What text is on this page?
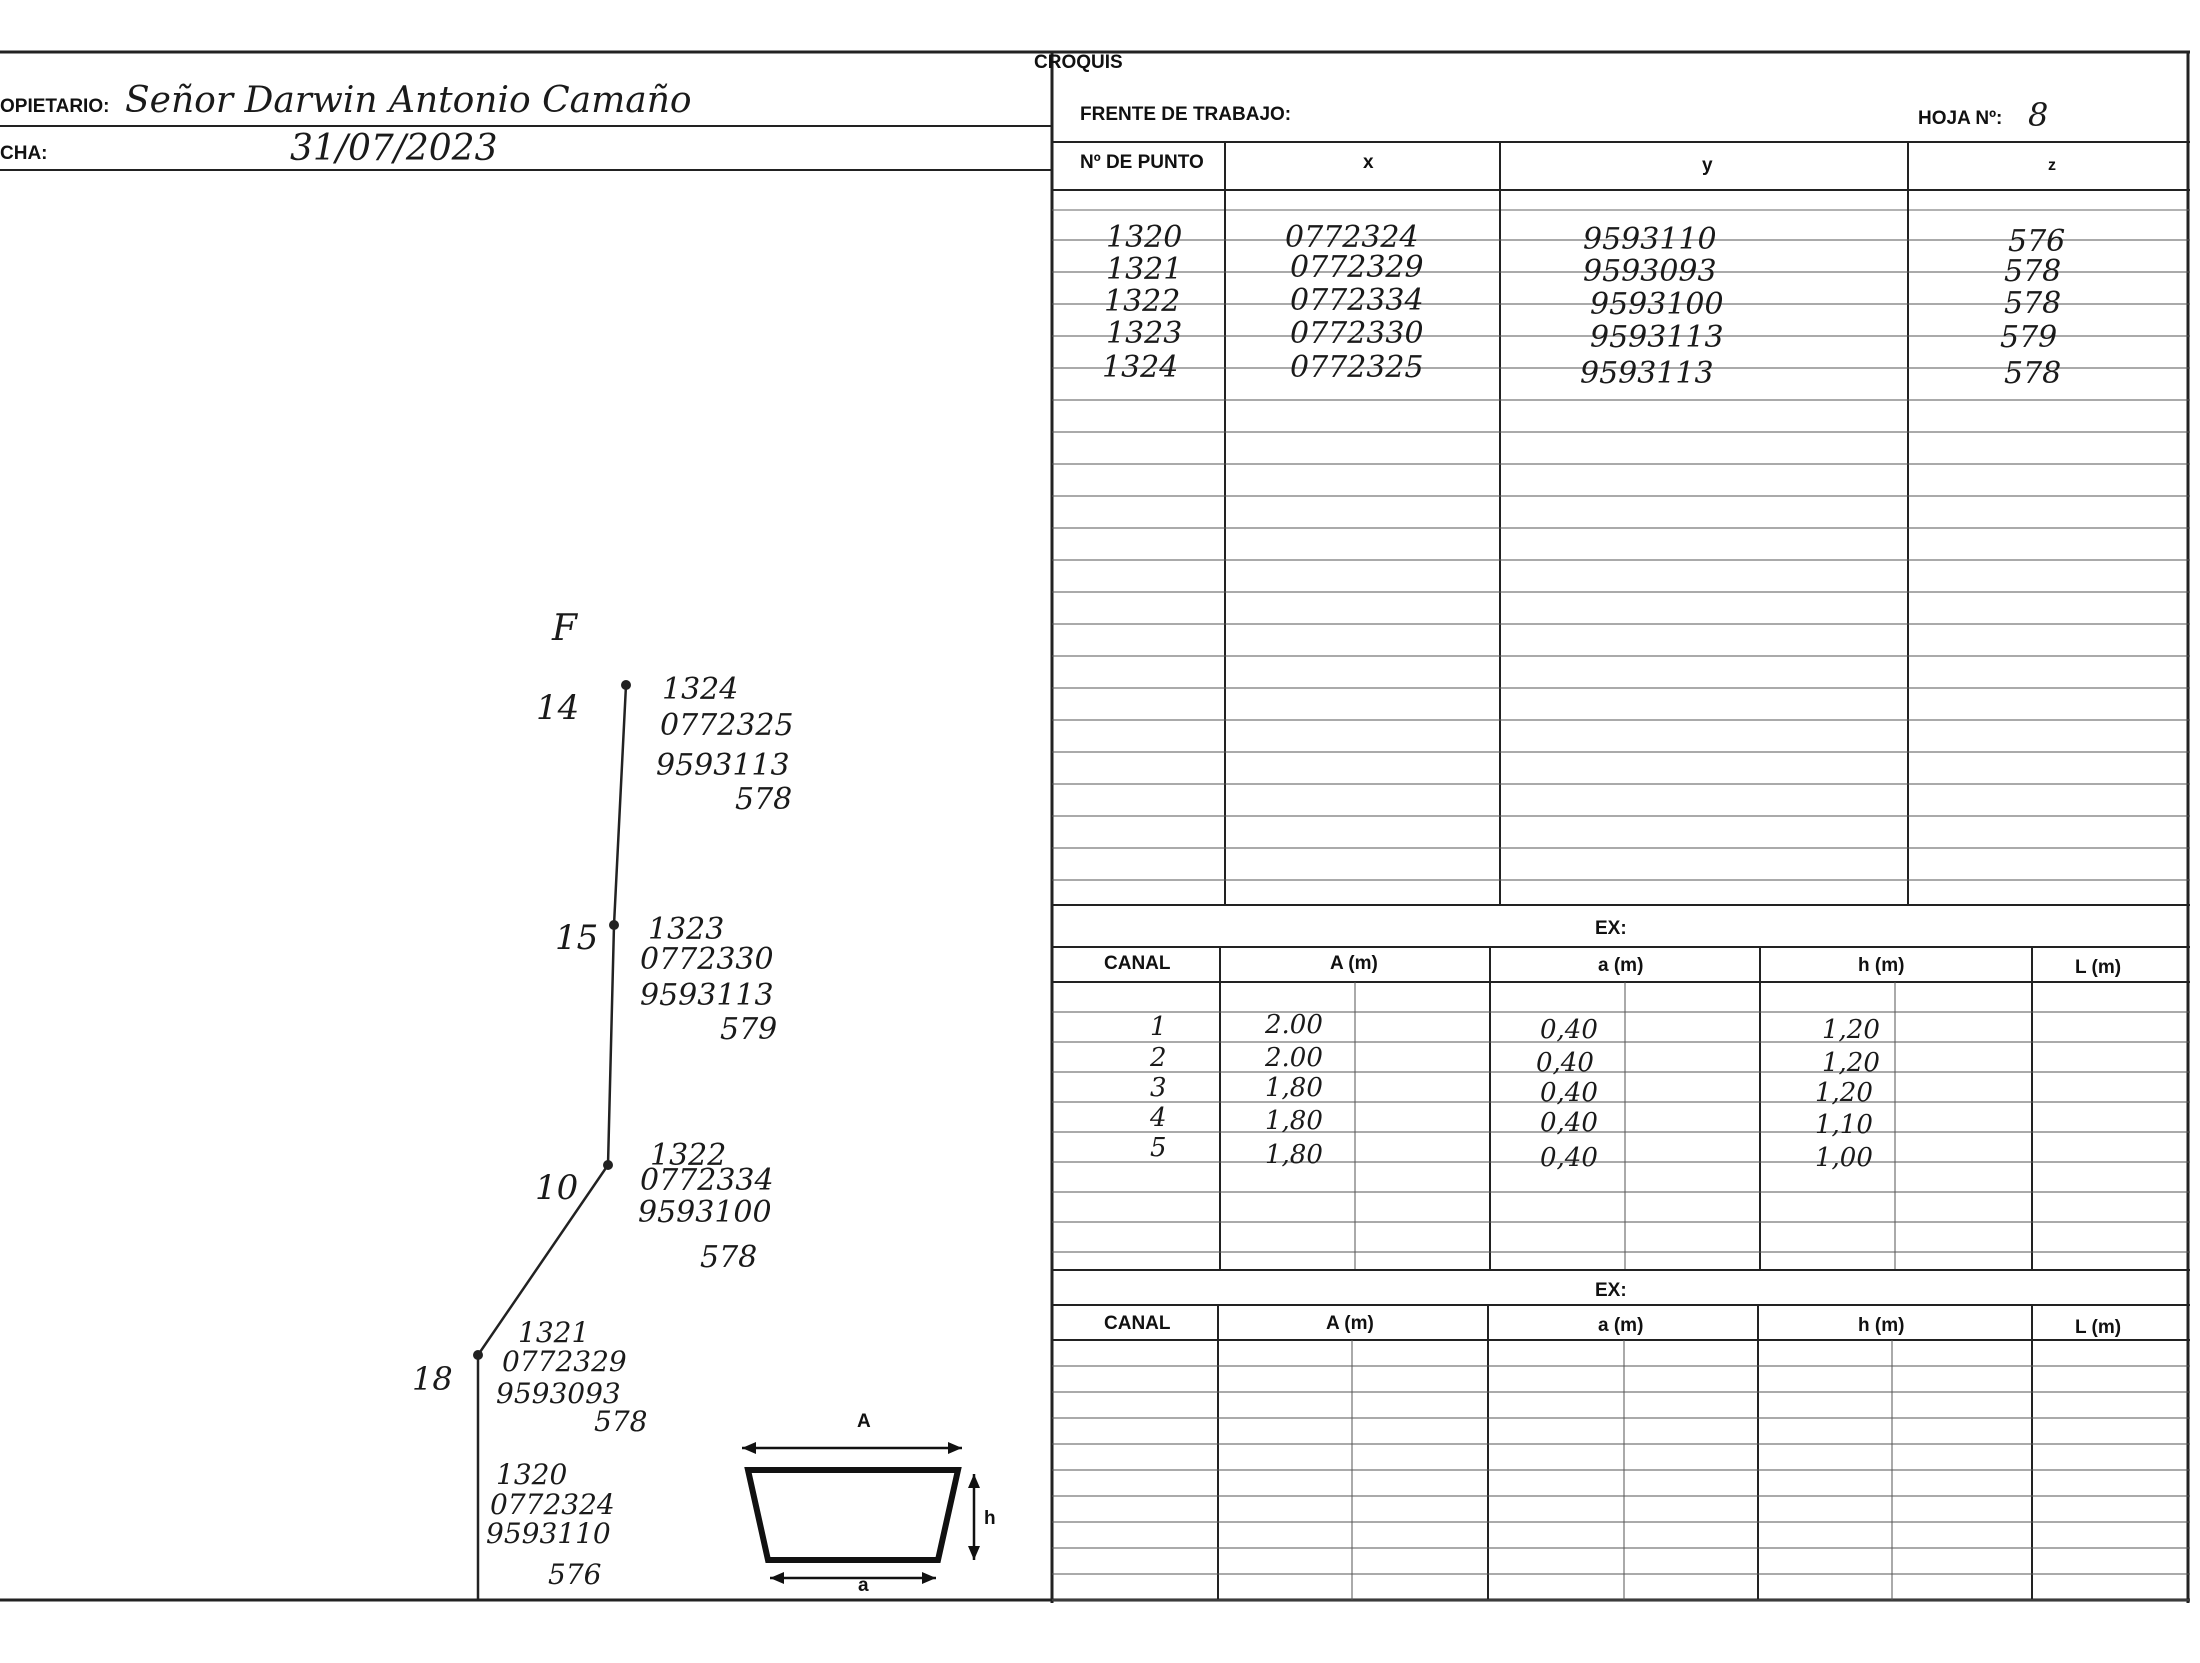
CROQUIS
OPIETARIO: Señor Darwin Antonio Camaño
CHA:	31/07/2023
FRENTE DE TRABAJO:	HOJA Nº: 8
Nº DE PUNTO	x	y	z
1320	0772324	9593110	576
1321	0772329	9593093	578
1322	0772334	9593100	578
1323	0772330	9593113	579
1324	0772325	9593113	578
EX:
CANAL	A (m)	a (m)	h (m)	L (m)
1	2.00	0,40	1,20
2	2.00	0,40	1,20
3	1,80	0,40	1,20
4	1,80	0,40	1,10
5	1,80	0,40	1,00
EX:
CANAL	A (m)	a (m)	h (m)	L (m)
F
14	1324
0772325
9593113
578
15 1323
0772330
9593113
579
10
1322
0772334
9593100
578
18
1321
0772329
9593093
578
1320
0772324
9593110
576
A
a
h
